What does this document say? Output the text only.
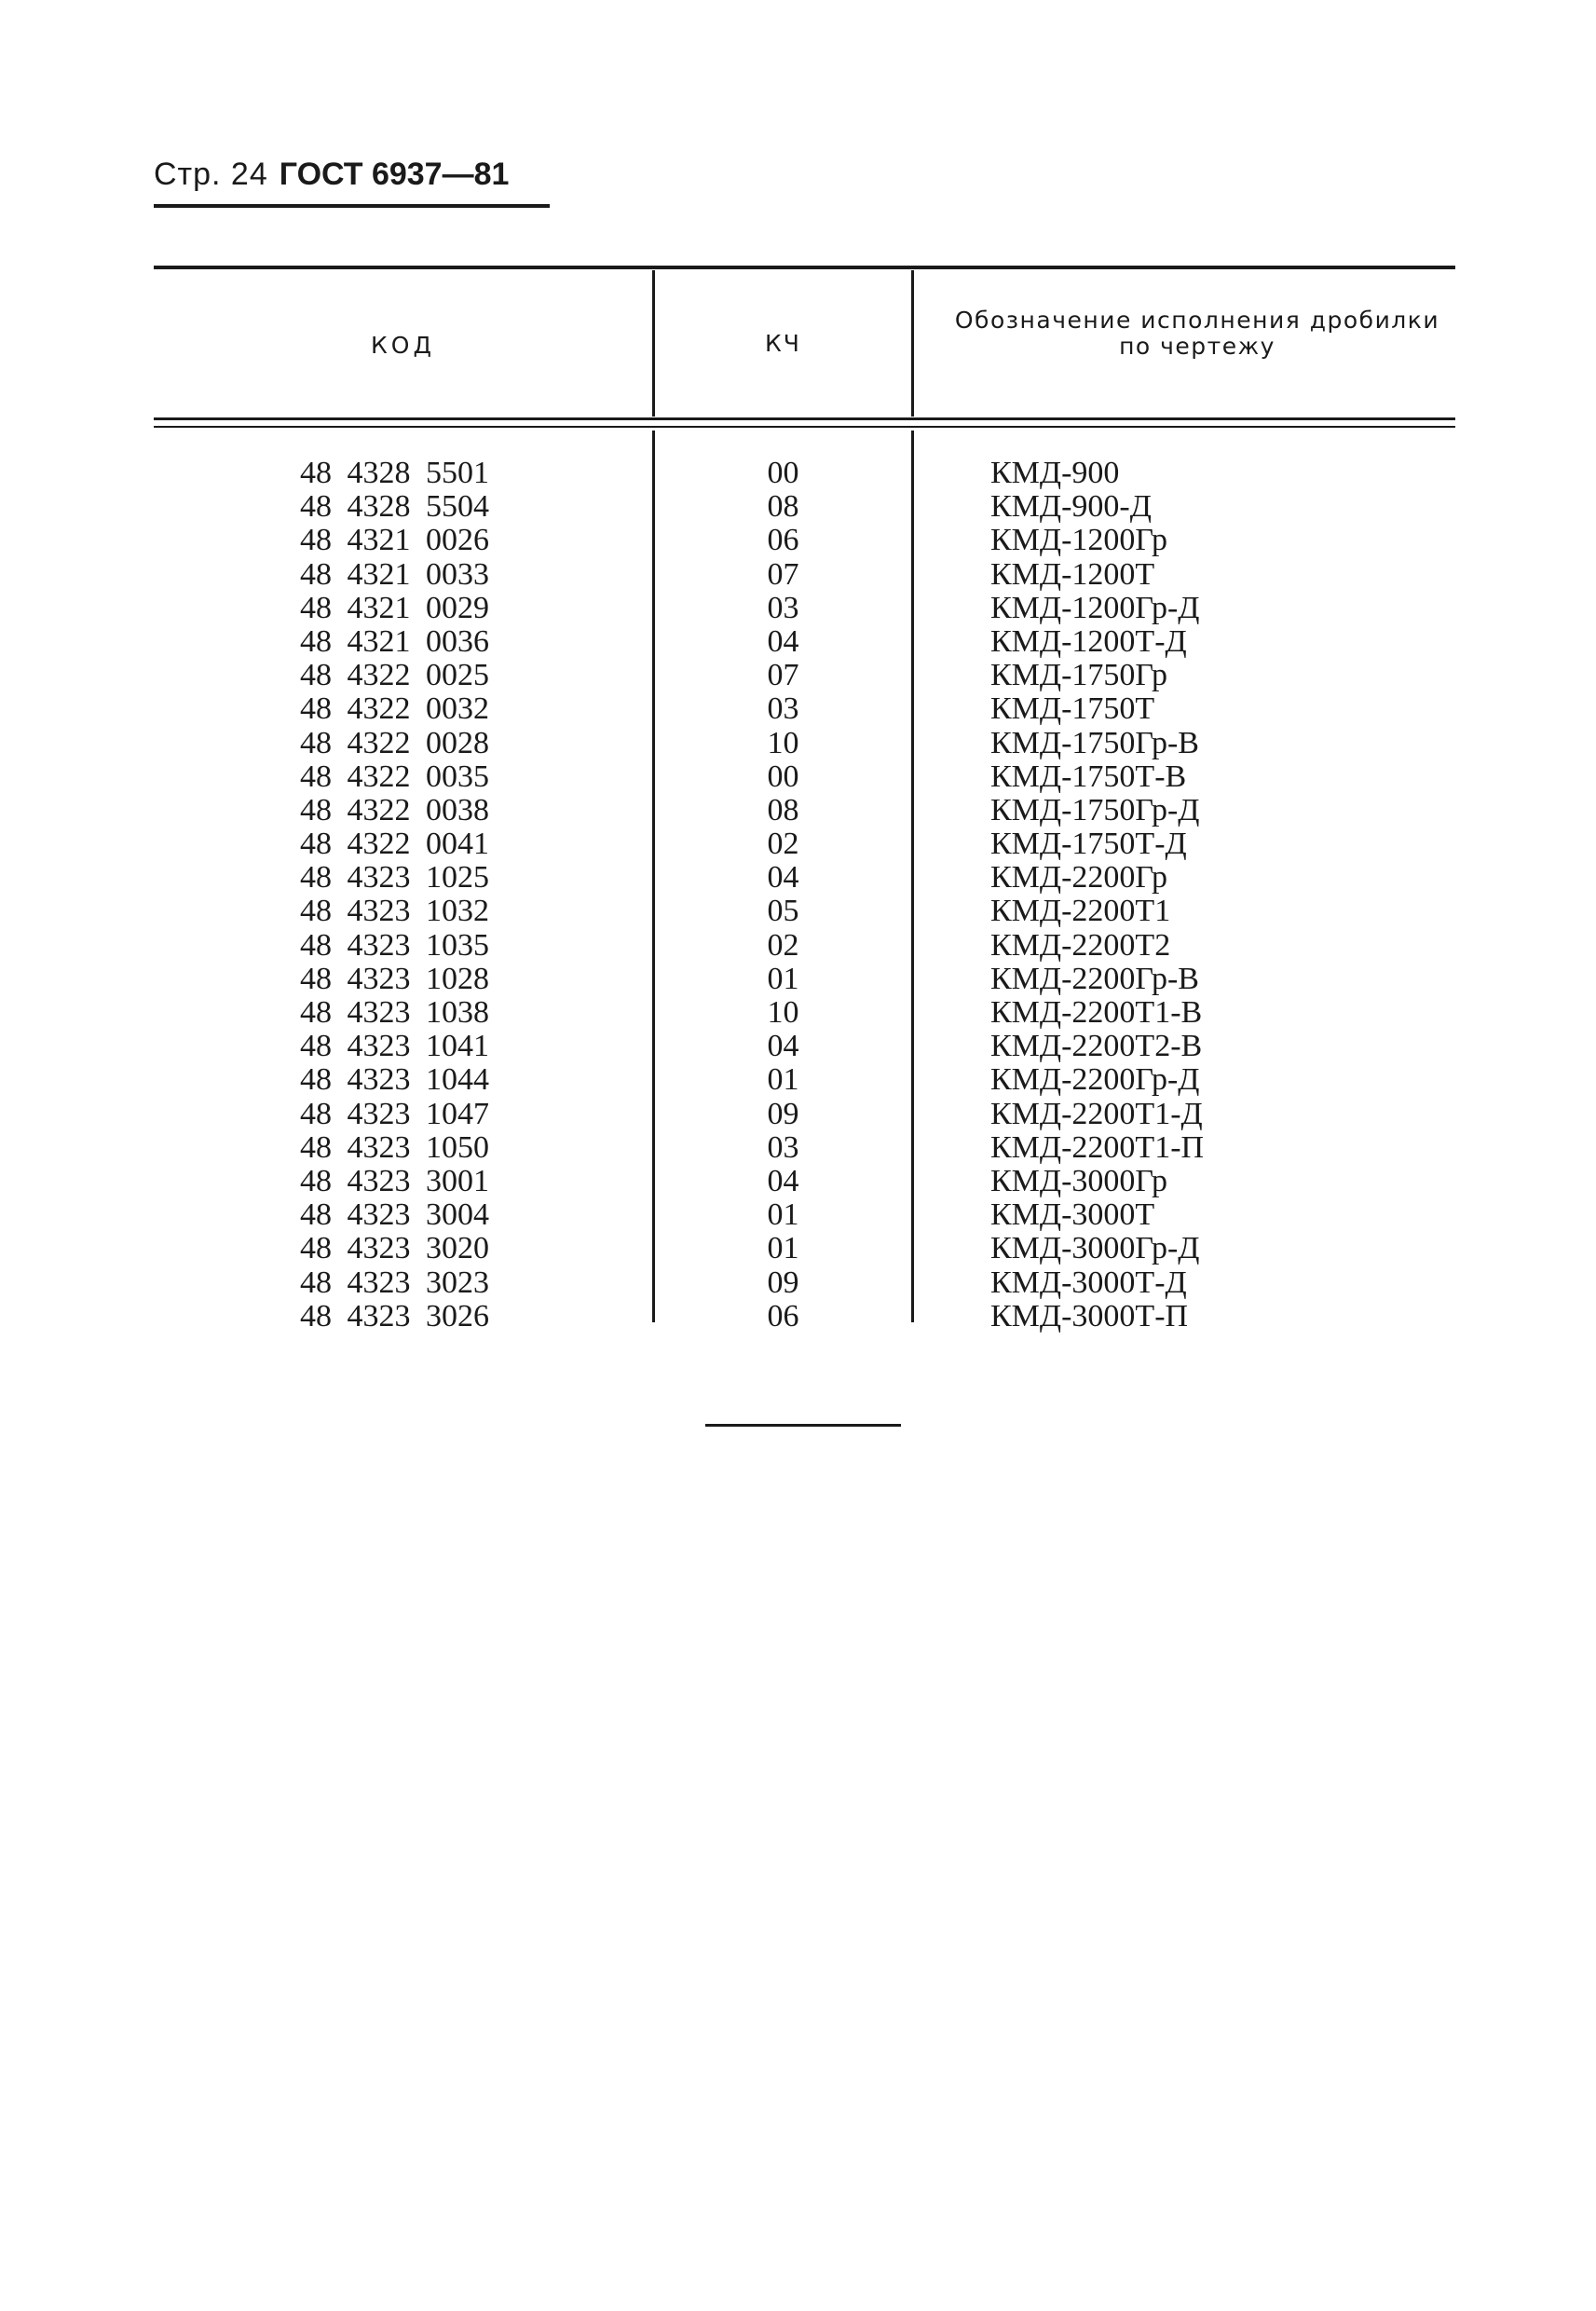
Стр. 24 ГОСТ 6937—81
КОД	КЧ
Обозначение исполнения дробилки
по чертежу
48 4328 5501	00	КМД-900
48 4328 5504	08	КМД-900-Д
48 4321 0026	06	КМД-1200Гр
48 4321 0033	07	КМД-1200Т
48 4321 0029	03	КМД-1200Гр-Д
48 4321 0036	04	КМД-1200Т-Д
48 4322 0025	07	КМД-1750Гр
48 4322 0032	03	КМД-1750Т
48 4322 0028	10	КМД-1750Гр-В
48 4322 0035	00	КМД-1750Т-В
48 4322 0038	08	КМД-1750Гр-Д
48 4322 0041	02	КМД-1750Т-Д
48 4323 1025	04	КМД-2200Гр
48 4323 1032	05	КМД-2200Т1
48 4323 1035	02	КМД-2200Т2
48 4323 1028	01	КМД-2200Гр-В
48 4323 1038	10	КМД-2200Т1-В
48 4323 1041	04	КМД-2200Т2-В
48 4323 1044	01	КМД-2200Гр-Д
48 4323 1047	09	КМД-2200Т1-Д
48 4323 1050	03	КМД-2200Т1-П
48 4323 3001	04	КМД-3000Гр
48 4323 3004	01	КМД-3000Т
48 4323 3020	01	КМД-3000Гр-Д
48 4323 3023	09	КМД-3000Т-Д
48 4323 3026	06	КМД-3000Т-П
